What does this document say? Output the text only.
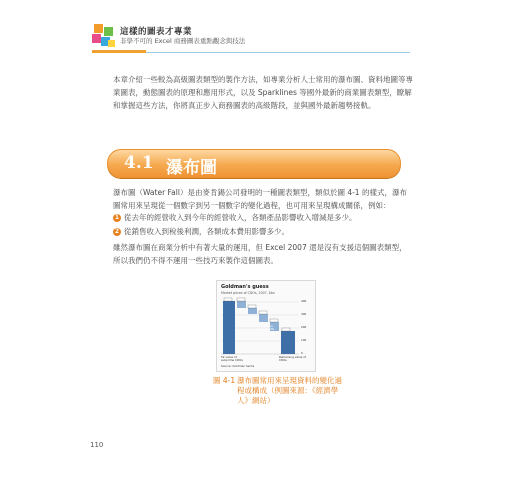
這樣的圖表才專業
非學不可的 Excel 商務圖表重點觀念與技法
本章介紹一些較為高級圖表類型的製作方法，如專業分析人士常用的瀑布圖、資料地圖等專業圖表，動態圖表的原理和應用形式，以及 Sparklines 等國外最新的商業圖表類型，瞭解和掌握這些方法，你將真正步入商務圖表的高級階段，並與國外最新趨勢接軌。
4.1 瀑布圖
瀑布圖（Water Fall）是由麥肯錫公司發明的一種圖表類型，類似於圖 4-1 的樣式，瀑布圖常用來呈現從一個數字到另一個數字的變化過程，也可用來呈現構成關係，例如：
1 從去年的經營收入到今年的經營收入，各類產品影響收入增減是多少。
2 從銷售收入到稅後利潤，各類成本費用影響多少。
雖然瀑布圖在商業分析中有著大量的運用，但 Excel 2007 還是沒有支援這個圖表類型，所以我們仍不得不運用一些技巧來製作這個圖表。
Goldman's guess
Market prices of CDOs, 2007, $bn
400
300
200
100
0
Previous write-offs
52 value of subprime CDOs
Remaining value of CDOs
Source: Goldman Sachs
圖 4-1 瀑布圖常用來呈現資料的變化過程或構成（例圖來源：《經濟學人》網站）
110
